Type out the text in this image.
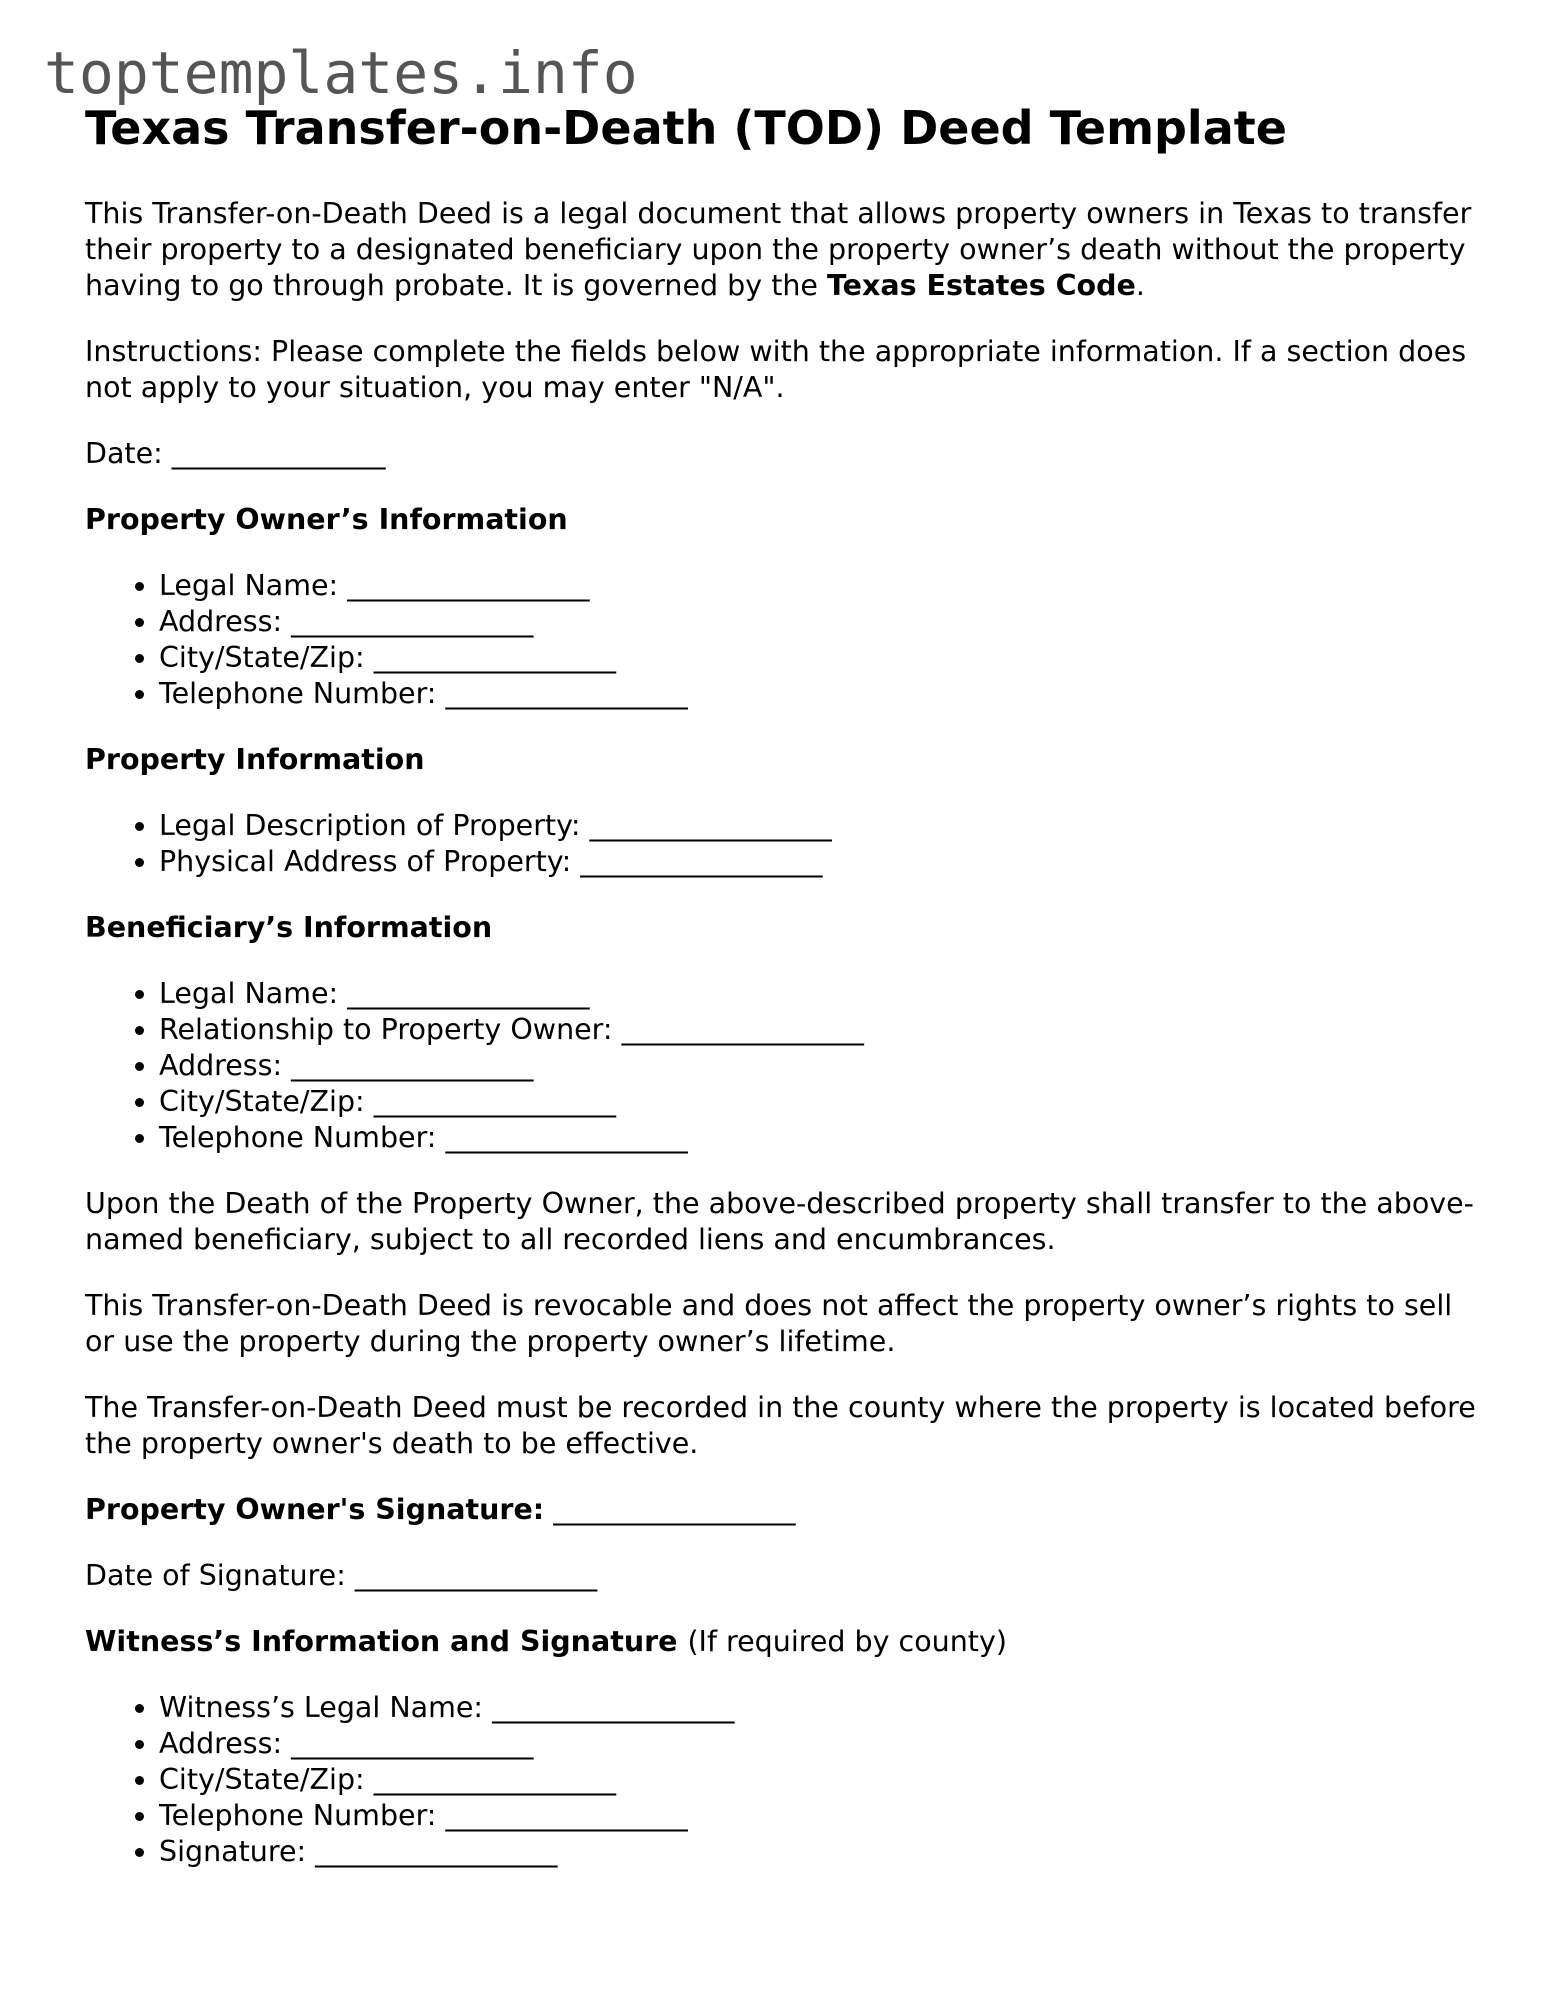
toptemplates.info
Texas Transfer-on-Death (TOD) Deed Template

This Transfer-on-Death Deed is a legal document that allows property owners in Texas to transfer their property to a designated beneficiary upon the property owner’s death without the property having to go through probate. It is governed by the Texas Estates Code.

Instructions: Please complete the fields below with the appropriate information. If a section does not apply to your situation, you may enter "N/A".

Date: _______________

Property Owner’s Information
• Legal Name: _________________
• Address: _________________
• City/State/Zip: _________________
• Telephone Number: _________________
Property Information
• Legal Description of Property: _________________
• Physical Address of Property: _________________
Beneficiary’s Information
• Legal Name: _________________
• Relationship to Property Owner: _________________
• Address: _________________
• City/State/Zip: _________________
• Telephone Number: _________________

Upon the Death of the Property Owner, the above-described property shall transfer to the above-named beneficiary, subject to all recorded liens and encumbrances.

This Transfer-on-Death Deed is revocable and does not affect the property owner’s rights to sell or use the property during the property owner’s lifetime.

The Transfer-on-Death Deed must be recorded in the county where the property is located before the property owner's death to be effective.

Property Owner's Signature: _________________

Date of Signature: _________________

Witness’s Information and Signature (If required by county)
• Witness’s Legal Name: _________________
• Address: _________________
• City/State/Zip: _________________
• Telephone Number: _________________
• Signature: _________________
